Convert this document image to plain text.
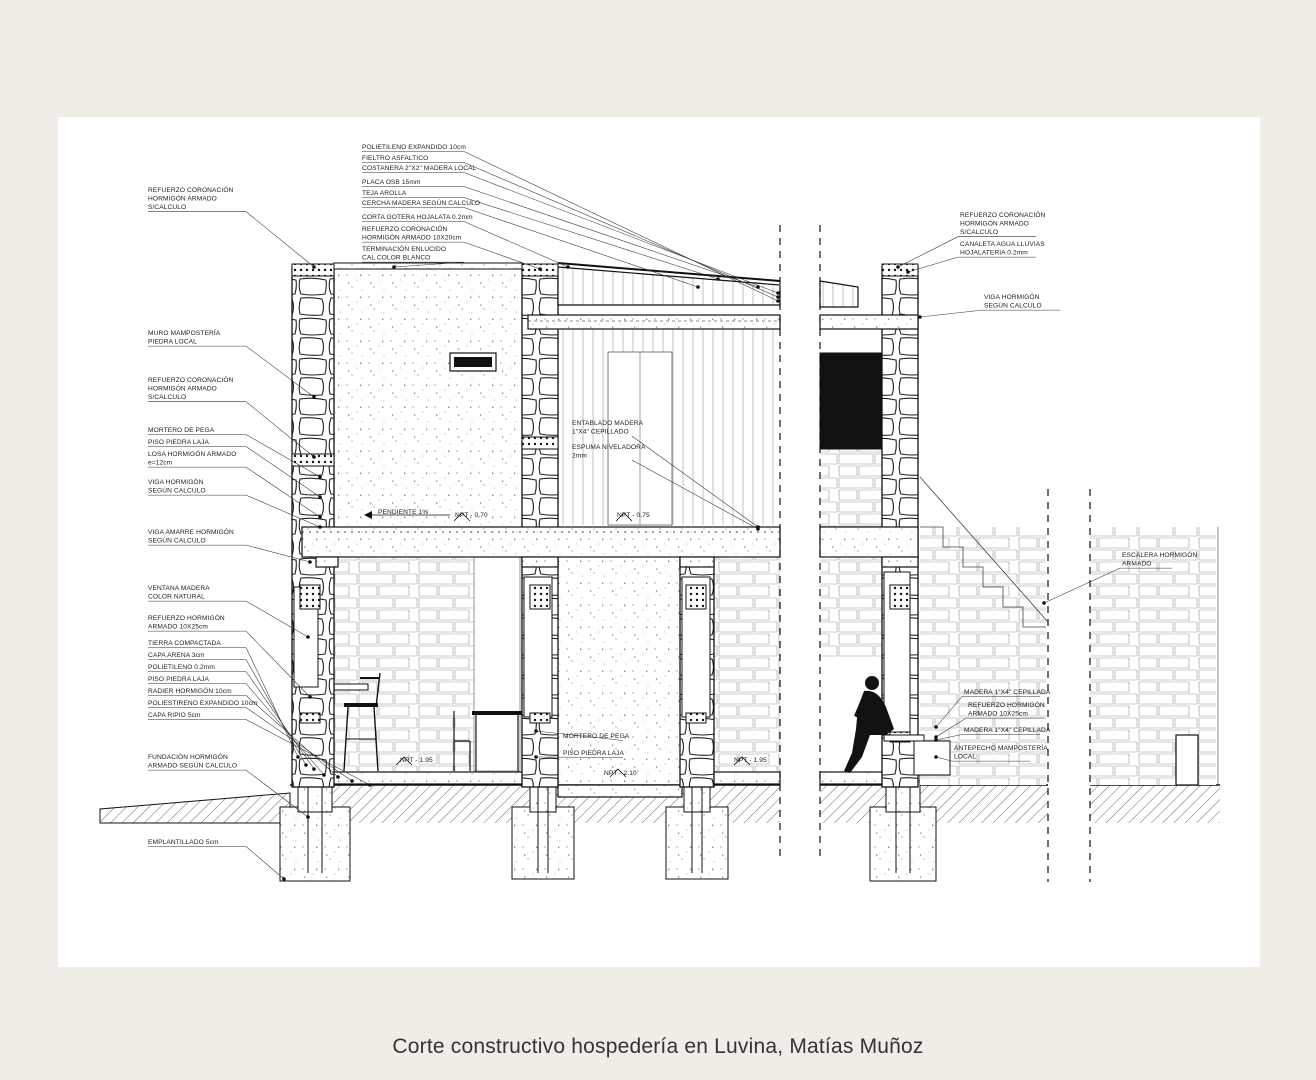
REFUERZO CORONACIÓN HORMIGÓN ARMADO S/CALCULO
MURO MAMPOSTERÍA PIEDRA LOCAL
REFUERZO CORONACIÓN HORMIGÓN ARMADO S/CALCULO
MORTERO DE PEGA
PISO PIEDRA LAJA
LOSA HORMIGÓN ARMADO e=12cm
VIGA HORMIGÓN SEGÚN CALCULO
VIGA AMARRE HORMIGÓN SEGÚN CALCULO
VENTANA MADERA COLOR NATURAL
REFUERZO HORMIGÓN ARMADO 10X25cm
TIERRA COMPACTADA
CAPA ARENA 3cm
POLIETILENO 0.2mm
PISO PIEDRA LAJA
RADIER HORMIGÓN 10cm
POLIESTIRENO EXPANDIDO 10cm
CAPA RIPIO 5cm
FUNDACIÓN HORMIGÓN ARMADO SEGÚN CALCULO
EMPLANTILLADO 5cm
POLIETILENO EXPANDIDO 10cm
FIELTRO ASFALTICO
COSTANERA 2"X2" MADERA LOCAL
PLACA OSB 15mm
TEJA AROLLA
CERCHA MADERA SEGÚN CALCULO
CORTA GOTERA HOJALATA 0.2mm
REFUERZO CORONACIÓN HORMIGÓN ARMADO 10X20cm
TERMINACIÓN ENLUCIDO CAL COLOR BLANCO
ENTABLADO MADERA 1"X4" CEPILLADO
ESPUMA NIVELADORA 2mm
MORTERO DE PEGA
PISO PIEDRA LAJA
REFUERZO CORONACIÓN HORMIGÓN ARMADO S/CALCULO
CANALETA AGUA LLUVIAS HOJALATERIA 0.2mm
VIGA HORMIGÓN SEGÚN CALCULO
ESCALERA HORMIGÓN ARMADO
MADERA 1"X4" CEPILLADA
REFUERZO HORMIGÓN ARMADO 10X25cm
MADERA 1"X4" CEPILLADA
ANTEPECHO MAMPOSTERÍA LOCAL
NPT - 0.70	NPT - 0.75
NPT - 1.95
NPT - 2.10
NPT - 1.95
PENDIENTE 1%
Corte constructivo hospedería en Luvina, Matías Muñoz
